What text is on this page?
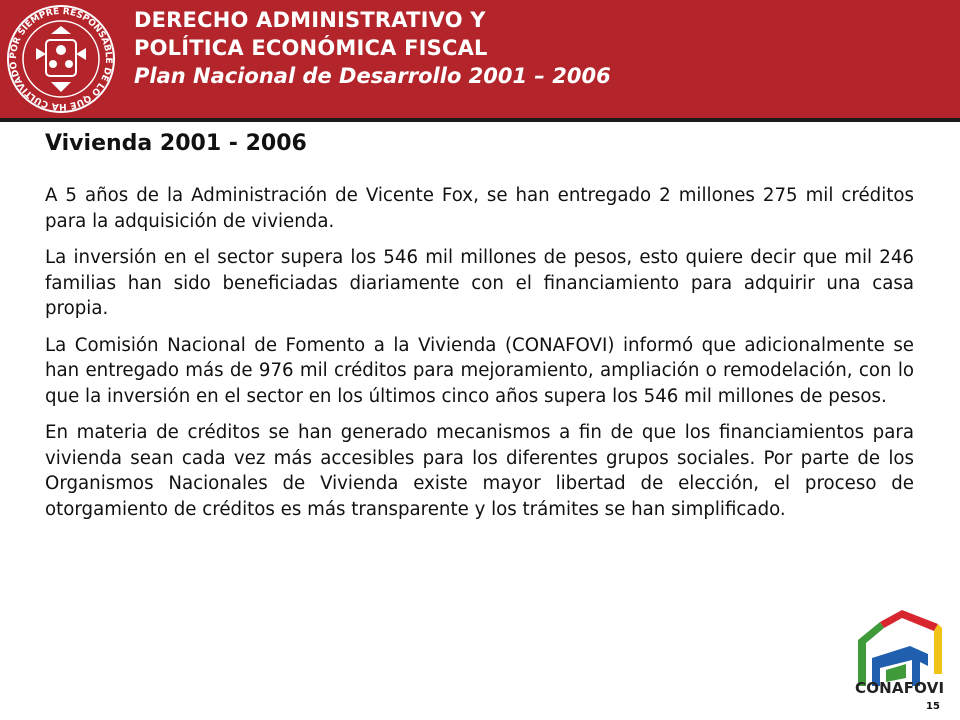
POR SIEMPRE RESPONSABLE DE LO QUE HA CULTIVADO
DERECHO ADMINISTRATIVO Y
POLÍTICA ECONÓMICA FISCAL
Plan Nacional de Desarrollo 2001 – 2006
Vivienda 2001 - 2006

A 5 años de la Administración de Vicente Fox, se han entregado 2 millones 275 mil créditos para la adquisición de vivienda.

La inversión en el sector supera los 546 mil millones de pesos, esto quiere decir que mil 246 familias han sido beneficiadas diariamente con el financiamiento para adquirir una casa propia.

La Comisión Nacional de Fomento a la Vivienda (CONAFOVI) informó que adicionalmente se han entregado más de 976 mil créditos para mejoramiento, ampliación o remodelación, con lo que la inversión en el sector en los últimos cinco años supera los 546 mil millones de pesos.

En materia de créditos se han generado mecanismos a fin de que los financiamientos para vivienda sean cada vez más accesibles para los diferentes grupos sociales. Por parte de los Organismos Nacionales de Vivienda existe mayor libertad de elección, el proceso de otorgamiento de créditos es más transparente y los trámites se han simplificado.

CONAFOVI
15
